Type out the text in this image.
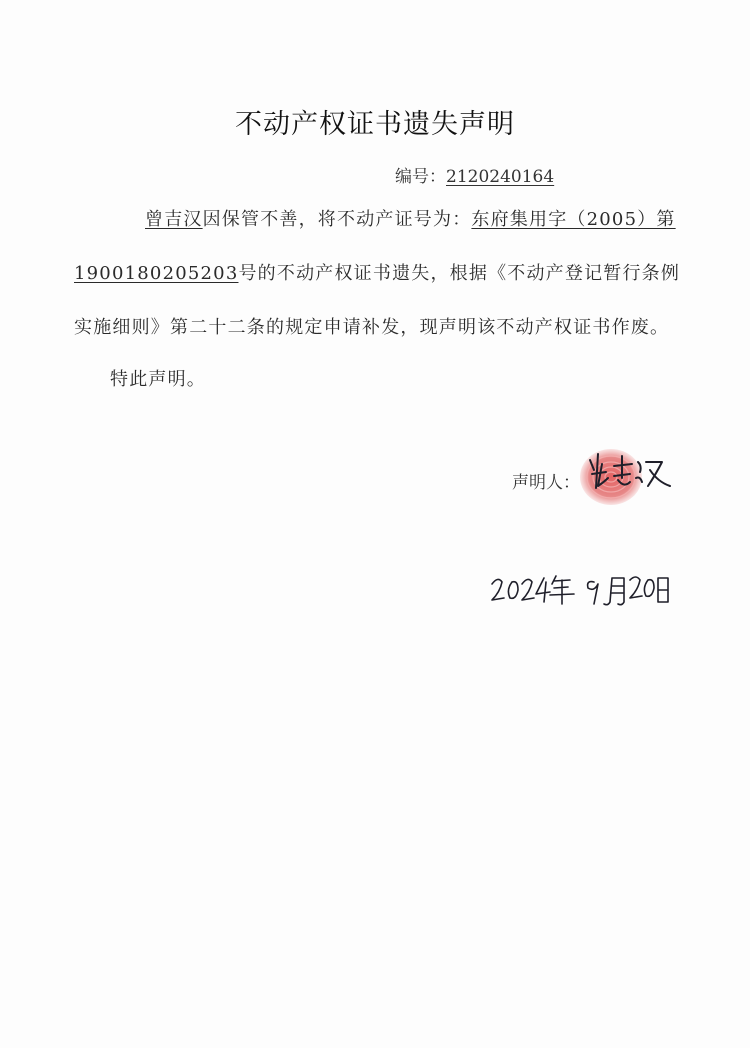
不动产权证书遗失声明
编号：2120240164
曾吉汉因保管不善，将不动产证号为：东府集用字（2005）第
1900180205203号的不动产权证书遗失，根据《不动产登记暂行条例
实施细则》第二十二条的规定申请补发，现声明该不动产权证书作废。
特此声明。
声明人：
